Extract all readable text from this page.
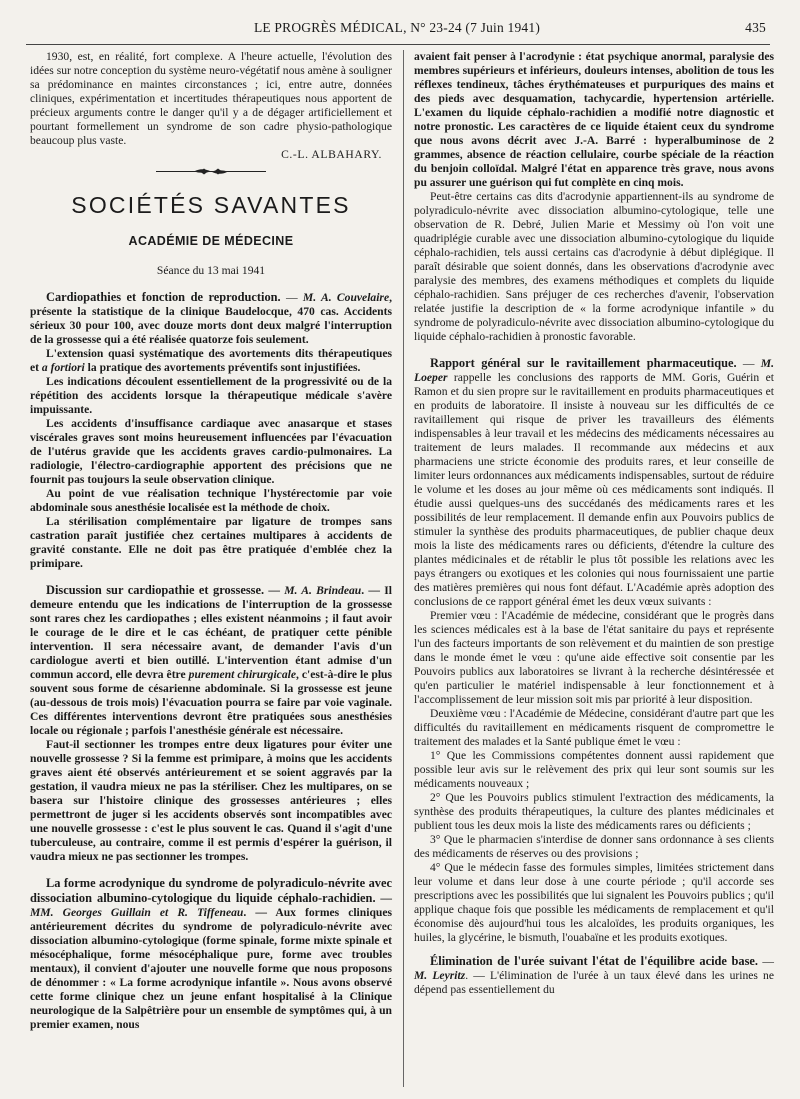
LE PROGRÈS MÉDICAL, N° 23-24 (7 Juin 1941)	435

1930, est, en réalité, fort complexe. A l'heure actuelle, l'évolution des idées sur notre conception du système neuro-végétatif nous amène à souligner sa prédominance en maintes circonstances ; ici, entre autre, données cliniques, expérimentation et incertitudes thérapeutiques nous apportent de précieux arguments contre le danger qu'il y a de dégager artificiellement et pourtant formellement un syndrome de son cadre physio-pathologique beaucoup plus vaste.

C.-L. ALBAHARY.

SOCIÉTÉS SAVANTES
ACADÉMIE DE MÉDECINE
Séance du 13 mai 1941

Cardiopathies et fonction de reproduction. — M. A. Couvelaire, présente la statistique de la clinique Baudelocque, 470 cas. Accidents sérieux 30 pour 100, avec douze morts dont deux malgré l'interruption de la grossesse qui a été réalisée quatorze fois seulement.

L'extension quasi systématique des avortements dits thérapeutiques et a fortiori la pratique des avortements préventifs sont injustifiées.

Les indications découlent essentiellement de la progressivité ou de la répétition des accidents lorsque la thérapeutique médicale s'avère impuissante.

Les accidents d'insuffisance cardiaque avec anasarque et stases viscérales graves sont moins heureusement influencées par l'évacuation de l'utérus gravide que les accidents graves cardio-pulmonaires. La radiologie, l'électro-cardiographie apportent des précisions que ne fournit pas toujours la seule observation clinique.

Au point de vue réalisation technique l'hystérectomie par voie abdominale sous anesthésie localisée est la méthode de choix.

La stérilisation complémentaire par ligature de trompes sans castration paraît justifiée chez certaines multipares à accidents de gravité constante. Elle ne doit pas être pratiquée d'emblée chez la primipare.

Discussion sur cardiopathie et grossesse. — M. A. Brindeau. — Il demeure entendu que les indications de l'interruption de la grossesse sont rares chez les cardiopathes ; elles existent néanmoins ; il faut avoir le courage de le dire et le cas échéant, de pratiquer cette pénible intervention. Il sera nécessaire avant, de demander l'avis d'un cardiologue averti et bien outillé. L'intervention étant admise d'un commun accord, elle devra être purement chirurgicale, c'est-à-dire le plus souvent sous forme de césarienne abdominale. Si la grossesse est jeune (au-dessous de trois mois) l'évacuation pourra se faire par voie vaginale. Ces différentes interventions devront être pratiquées sous anesthésies locale ou régionale ; parfois l'anesthésie générale est nécessaire.

Faut-il sectionner les trompes entre deux ligatures pour éviter une nouvelle grossesse ? Si la femme est primipare, à moins que les accidents graves aient été observés antérieurement et se soient aggravés par la gestation, il vaudra mieux ne pas la stériliser. Chez les multipares, on se basera sur l'histoire clinique des grossesses antérieures ; elles permettront de juger si les accidents observés sont incompatibles avec une nouvelle grossesse : c'est le plus souvent le cas. Quand il s'agit d'une tuberculeuse, au contraire, comme il est permis d'espérer la guérison, il vaudra mieux ne pas sectionner les trompes.

La forme acrodynique du syndrome de polyradiculo-névrite avec dissociation albumino-cytologique du liquide céphalo-rachidien. — MM. Georges Guillain et R. Tiffeneau. — Aux formes cliniques antérieurement décrites du syndrome de polyradiculo-névrite avec dissociation albumino-cytologique (forme spinale, forme mixte spinale et mésocéphalique, forme mésocéphalique pure, forme avec troubles mentaux), il convient d'ajouter une nouvelle forme que nous proposons de dénommer : « La forme acrodynique infantile ». Nous avons observé cette forme clinique chez un jeune enfant hospitalisé à la Clinique neurologique de la Salpêtrière pour un ensemble de symptômes qui, à un premier examen, nous

avaient fait penser à l'acrodynie : état psychique anormal, paralysie des membres supérieurs et inférieurs, douleurs intenses, abolition de tous les réflexes tendineux, tâches érythémateuses et purpuriques des mains et des pieds avec desquamation, tachycardie, hypertension artérielle. L'examen du liquide céphalo-rachidien a modifié notre diagnostic et notre pronostic. Les caractères de ce liquide étaient ceux du syndrome que nous avons décrit avec J.-A. Barré : hyperalbuminose de 2 grammes, absence de réaction cellulaire, courbe spéciale de la réaction du benjoin colloïdal. Malgré l'état en apparence très grave, nous avons pu assurer une guérison qui fut complète en cinq mois.

Peut-être certains cas dits d'acrodynie appartiennent-ils au syndrome de polyradiculo-névrite avec dissociation albumino-cytologique, telle une observation de R. Debré, Julien Marie et Messimy où l'on voit une quadriplégie curable avec une dissociation albumino-cytologique du liquide céphalo-rachidien, tels aussi certains cas d'acrodynie à début diplégique. Il paraît désirable que soient donnés, dans les observations d'acrodynie avec paralysie des membres, des examens méthodiques et complets du liquide céphalo-rachidien. Sans préjuger de ces recherches d'avenir, l'observation relatée justifie la description de « la forme acrodynique infantile » du syndrome de polyradiculo-névrite avec dissociation albumino-cytologique du liquide céphalo-rachidien à pronostic favorable.

Rapport général sur le ravitaillement pharmaceutique. — M. Loeper rappelle les conclusions des rapports de MM. Goris, Guérin et Ramon et du sien propre sur le ravitaillement en produits pharmaceutiques et en produits de laboratoire. Il insiste à nouveau sur les difficultés de ce ravitaillement qui risque de priver les travailleurs des éléments indispensables à leur travail et les médecins des médicaments nécessaires au traitement de leurs malades. Il recommande aux médecins et aux pharmaciens une stricte économie des produits rares, et leur conseille de limiter leurs ordonnances aux médicaments indispensables, surtout de réduire le volume et les doses au jour même où ces médicaments sont indiqués. Il étudie aussi quelques-uns des succédanés des médicaments rares et les possibilités de leur remplacement. Il demande enfin aux Pouvoirs publics de stimuler la synthèse des produits pharmaceutiques, de publier chaque deux mois la liste des médicaments rares ou déficients, d'étendre la culture des plantes médicinales et de rétablir le plus tôt possible les relations avec les pays étrangers ou exotiques et les colonies qui nous fournissaient une partie des matières premières qui nous font défaut. L'Académie après adoption des conclusions de ce rapport général émet les deux vœux suivants :

Premier vœu : l'Académie de médecine, considérant que le progrès dans les sciences médicales est à la base de l'état sanitaire du pays et représente l'un des facteurs importants de son relèvement et du maintien de son prestige dans le monde émet le vœu : qu'une aide effective soit consentie par les Pouvoirs publics aux laboratoires se livrant à la recherche désintéressée et qu'en particulier le matériel indispensable à leur fonctionnement et à l'accomplissement de leur mission soit mis par priorité à leur disposition.

Deuxième vœu : l'Académie de Médecine, considérant d'autre part que les difficultés du ravitaillement en médicaments risquent de compromettre le traitement des malades et la Santé publique émet le vœu :

1° Que les Commissions compétentes donnent aussi rapidement que possible leur avis sur le relèvement des prix qui leur sont soumis sur les médicaments nouveaux ;

2° Que les Pouvoirs publics stimulent l'extraction des médicaments, la synthèse des produits thérapeutiques, la culture des plantes médicinales et publient tous les deux mois la liste des médicaments rares ou déficients ;

3° Que le pharmacien s'interdise de donner sans ordonnance à ses clients des médicaments de réserves ou des provisions ;

4° Que le médecin fasse des formules simples, limitées strictement dans leur volume et dans leur dose à une courte période ; qu'il accorde ses prescriptions avec les possibilités que lui signalent les Pouvoirs publics ; qu'il applique chaque fois que possible les médicaments de remplacement et qu'il économise dès aujourd'hui tous les alcaloïdes, les produits organiques, les huiles, la glycérine, le bismuth, l'ouabaïne et les produits exotiques.

Élimination de l'urée suivant l'état de l'équilibre acide base. — M. Leyritz. — L'élimination de l'urée à un taux élevé dans les urines ne dépend pas essentiellement du
